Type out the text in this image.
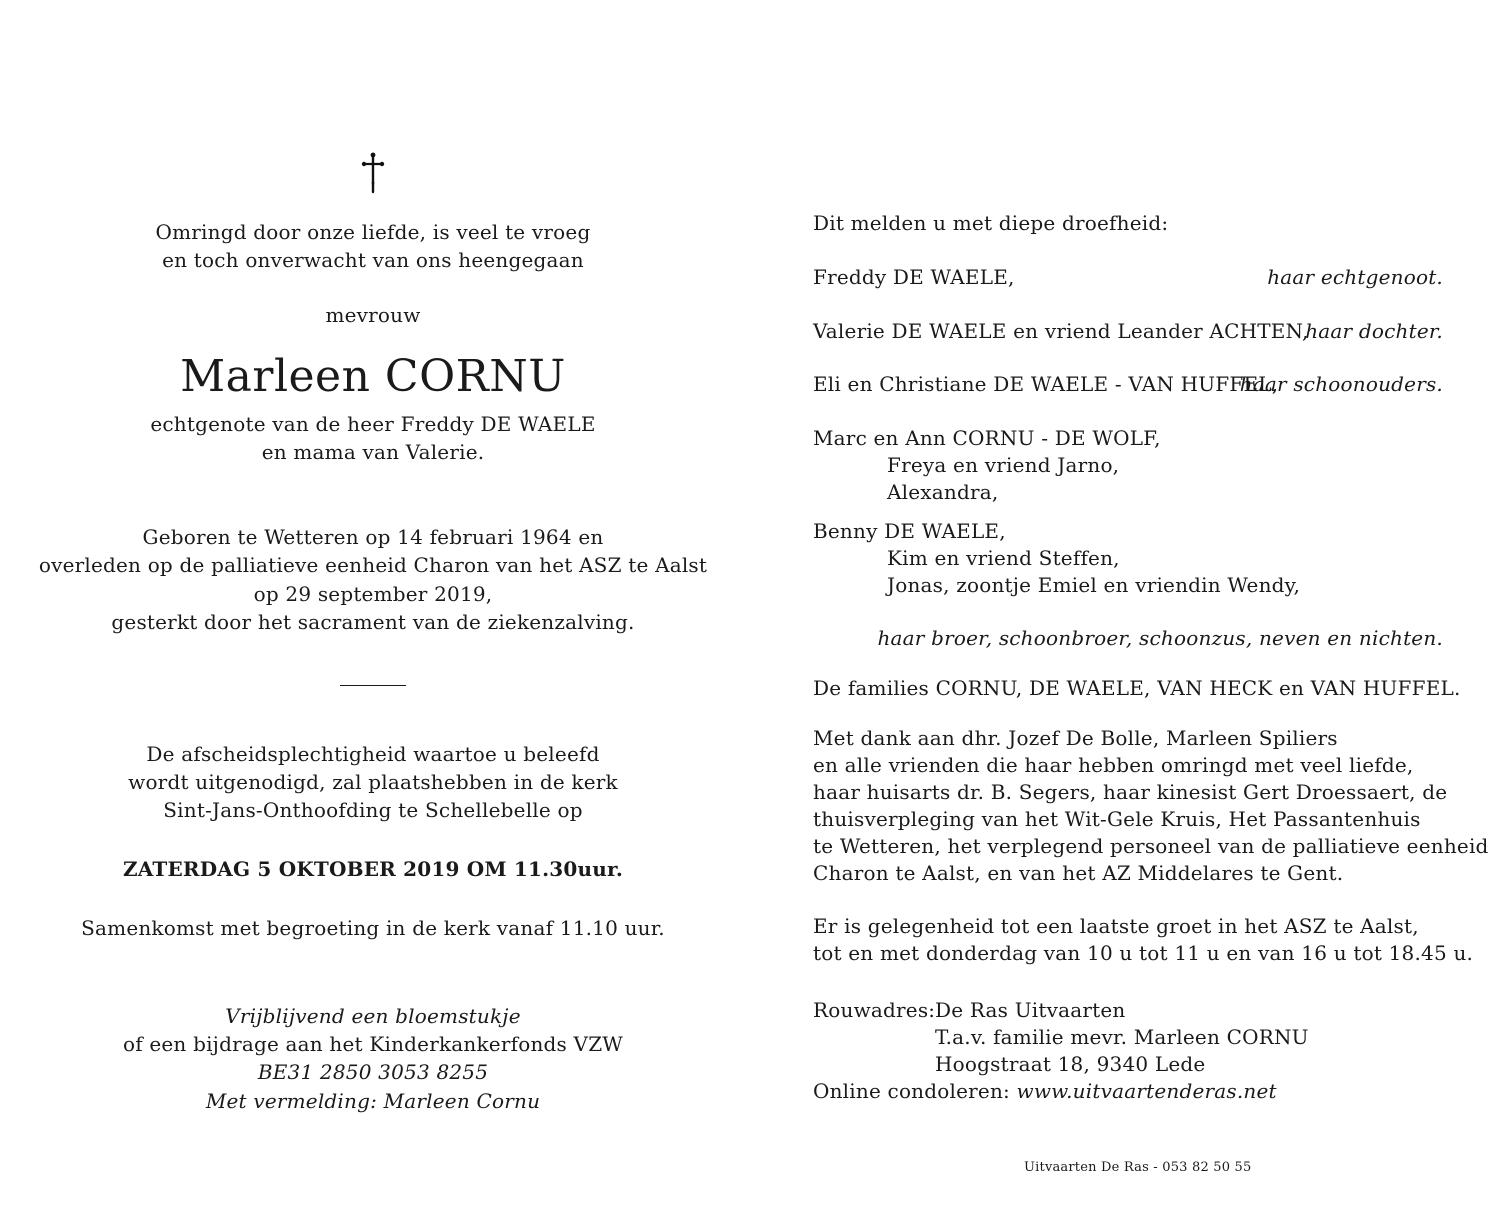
Omringd door onze liefde, is veel te vroeg
en toch onverwacht van ons heengegaan
mevrouw
Marleen CORNU
echtgenote van de heer Freddy DE WAELE
en mama van Valerie.
Geboren te Wetteren op 14 februari 1964 en
overleden op de palliatieve eenheid Charon van het ASZ te Aalst
op 29 september 2019,
gesterkt door het sacrament van de ziekenzalving.
De afscheidsplechtigheid waartoe u beleefd
wordt uitgenodigd, zal plaatshebben in de kerk
Sint-Jans-Onthoofding te Schellebelle op
ZATERDAG 5 OKTOBER 2019 OM 11.30uur.
Samenkomst met begroeting in de kerk vanaf 11.10 uur.
Vrijblijvend een bloemstukje
of een bijdrage aan het Kinderkankerfonds VZW
BE31 2850 3053 8255
Met vermelding: Marleen Cornu
Dit melden u met diepe droefheid:
Freddy DE WAELE,	haar echtgenoot.
Valerie DE WAELE en vriend Leander ACHTEN,
haar dochter.
Eli en Christiane DE WAELE - VAN HUFFEL,
haar schoonouders.
Marc en Ann CORNU - DE WOLF,
Freya en vriend Jarno,
Alexandra,
Benny DE WAELE,
Kim en vriend Steffen,
Jonas, zoontje Emiel en vriendin Wendy,
haar broer, schoonbroer, schoonzus, neven en nichten.
De families CORNU, DE WAELE, VAN HECK en VAN HUFFEL.
Met dank aan dhr. Jozef De Bolle, Marleen Spiliers
en alle vrienden die haar hebben omringd met veel liefde,
haar huisarts dr. B. Segers, haar kinesist Gert Droessaert, de
thuisverpleging van het Wit-Gele Kruis, Het Passantenhuis
te Wetteren, het verplegend personeel van de palliatieve eenheid
Charon te Aalst, en van het AZ Middelares te Gent.
Er is gelegenheid tot een laatste groet in het ASZ te Aalst,
tot en met donderdag van 10 u tot 11 u en van 16 u tot 18.45 u.
Rouwadres: De Ras Uitvaarten
T.a.v. familie mevr. Marleen CORNU
Hoogstraat 18, 9340 Lede
Online condoleren: www.uitvaartenderas.net
Uitvaarten De Ras - 053 82 50 55
